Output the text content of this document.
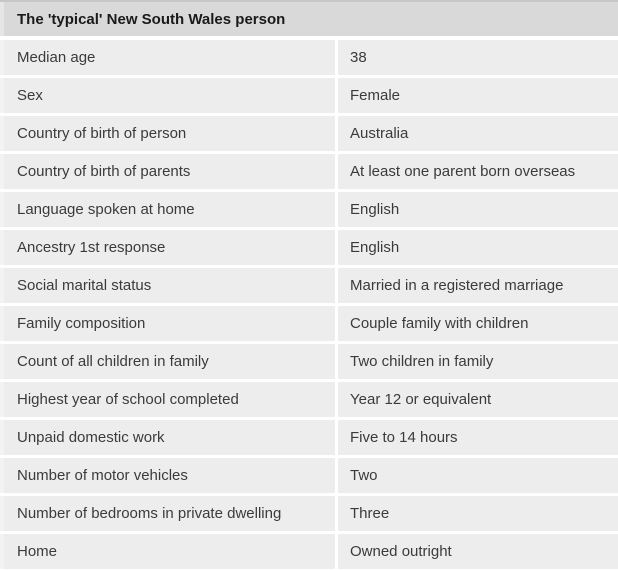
The 'typical' New South Wales person
Median age	38
Sex	Female
Country of birth of person	Australia
Country of birth of parents	At least one parent born overseas
Language spoken at home	English
Ancestry 1st response	English
Social marital status	Married in a registered marriage
Family composition	Couple family with children
Count of all children in family	Two children in family
Highest year of school completed	Year 12 or equivalent
Unpaid domestic work	Five to 14 hours
Number of motor vehicles	Two
Number of bedrooms in private dwelling	Three
Home	Owned outright
